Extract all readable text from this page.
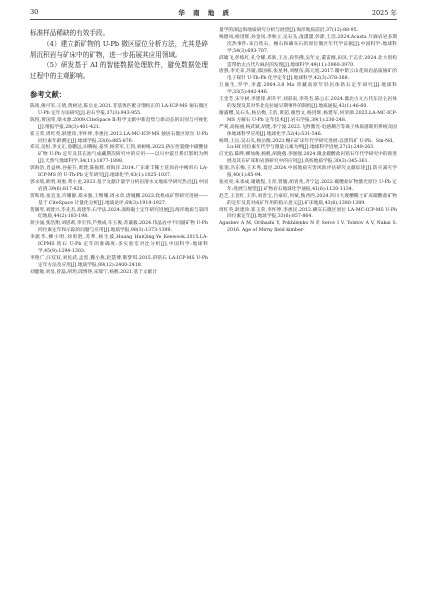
30	华 南 地 质	2025 年

标准样品稀缺的有效手段。

（4）建立新矿物的 U-Pb 微区原位分析方法，尤其是碎屑沉积岩与矿床中的矿物，进一步拓展其应用领域。

（5）研发基于 AI 的智能数据处理软件，避免数据处理过程中的主观影响。

参考文献：

陈靖,俊可军,王倩,黄树达,陈岳龙.2021.非基体匹配分馏校正的 LA-ICP-MS 锡石微区 U-Pb 定年方法研究[J].岩石学报,37(3):943-955.

陈悦,黄国荣,梁永源.2009.CiteSpace Ⅱ:科学文献中新趋势与新动态的识别与可视化[J].情报学报,28(3):401-421.

崔玉荣,周红英,耿建珍,李怀坤,李惠民.2012.LA-MC-ICP-MS 独居石微区原位 U-Pb 同位素年龄测定[J].地球学报,33(6):865-876.

邓宾,吴恒,李文正,詹鹏远,田腾振,姜华,杨荣军,王剑,刘树根.2023.挤压性裂缝中碳酸盐矿物 U-Pb 定年及其在油气成藏期次研究中的应用——以川中震旦系灯影组为例[J].天然气地球科学,34(11):1877-1898.

郭海浩,肖益林,谷振芬,黄建,陈振辉,刘海洋.2014.广东新丰稀土花岗岩中褐帘石 LA-ICP-MS 的 U-Th-Pb 定年研究[J].地球化学,43(1):1025-1037.

郭永岐,欧明,刘惠,黄小龙.2023.基于文献计量学分析岩溶水文地质学研究热点[J].中国岩溶,39(6):817-828.

贺和琦,张宜龙,许耀静,郑永强,王继珊,周永章,唐城鹏.2023.软机成矿带研究进展——基于 CiteSpace 计量化分析[J].地质论评,69(3):1919-1927.

贺阁琴,刘建兴,毕先杰,高建华,石学法.2024.深海黏土定年研究进展[J].海洋地质与第四纪地质,44(2):183-198.

蒋少涌,张浩翔,刘思莉,李宏伟,芦燕成,车玉俊,苏谦毅.2024.伟晶岩中不同副矿物 U-Pb 同位素定年和示踪的问题与应用[J].地质学报,98(3):1373-1399.

李献华,柳小明,刘勇胜,苏犁,杨生波,Huang HuiQing,Ye Keewook.2015.LA-ICPMS 锆石 U-Pb 定年的准确度:多实验室对比分析[J].中国科学:地球科学,45(9):1294-1303.

李艳广,汪双双,刘民武,孟恩,魏小燕,赵慧博,靳梦琪.2015.斜锆石 LA-ICP-MS U-Pb 定年方法及应用[J].地质学报,89(12):2400-2418.

刘健敏,刘显,曾磊,胡玥,邱博佟,宋瑞宁,杨帆.2021.基于文献计

量学的深远海地质研究分析与展望[J].海洋地质前沿,37(12):88-95.

梅德凤,杨进辉,孙金凤,李秋立,吴石头,凌潇潇,彭澎,王浩.2024.Acasta 片麻岩岩多期次热事件:来自锆石、榍石和磷灰石的原位微区年代学证据[J].中国科学:地球科学,54(3):693-707.

邱啸飞,彭练红,孔令耀,邓新,王岳,段伟佛,吴年文,董雷刚,田泽,于志宏.2024.北大别构造带始太古代片麻岩的发现[J].地球科学,49(11):3960-3970.

唐燕,李光来,苏媛,邵国栋,张星林,刘猷伍,陈元旭.2017.赣中紫云山花岗岩晶质铀矿的电子探针 U-Th-Pb 化学定年[J].地球科学,42(3):378-388.

万渝生,罗学,李鑫.2004.3.8 Ma 青藏高原年轻岩体锆石定年研究[J].地球科学,33(5):442-446.

王金芳,宋宇树,李建锋,胡升平,刘彩南,李英杰,陈公正.2024.冀北古元古代东昆仑岩体的发现及其对华北克拉通早期事件的制约[J].地质通报,43(1):46-60.

谢露樱,吴石头,杨岳衡,王浩,黄超,谢烈文,杨进辉,杨建军,何荣颜.2023.LA-MC-ICP-MS 方解石 U-Pb 定年技术[J].岩石学报,39(1):236-248.

严爽,高振丽,杨武斌,胡建,李宁波.2023.飞秒激光-电感耦合等离子体质谱联用系统及固体地球科学应用[J].地球化学,52(4):531-546.

杨明,王岳,吴石头,杨岳衡.2023.榍石矿床年代学研究进展:以黑钨矿 U-Pb、Sm-Nd、Lu-Hf 同位素年代学与微量元素为例[J].地球科学进展,27(3):249-263.

应光焰,陈晔,柳加俊,杨帆,胡晓燕,李强强.2024.微北碳酸盐岩锆石年代学研究中的新进展及其在矿床和岩溶研究中的应用[J].高校地质学报,30(3):345-361.

张翎,冯东梅,王未秀,夏昆.2024.中国地质灾害风险评估研究文献综述[J].防灾减灾学报,40(1):85-94.

张亮亮,朱承成,谢晓程,王青,曾璇,胡青兆,齐宁远.2022.碳酸盐矿物激光原位 U-Pb 定年:进展与展望[J].矿物岩石地球化学通报,41(6):1120-1134.

赵芝,王登红,王伟,刘善宝,吕豪旺,何斌,熊西西.2024.四川大渡槽稀土矿床碳酸盐矿物的定年及其对成矿作用的指示意义[J].矿床地质,43(6):1380-1389.

周红英,耿建珍,崔玉荣,李怀坤,李惠民.2012.磷灰石微区原位 LA-MC-ICP-MS U-Pb 同位素定年[J].地球学报,33(6):857-864.

Agashev A M, Orihashi Y, Pokhilenko N P, Serov I V, Tolstov A V, Nakai S. 2016. Age of Mirny field kimber-
